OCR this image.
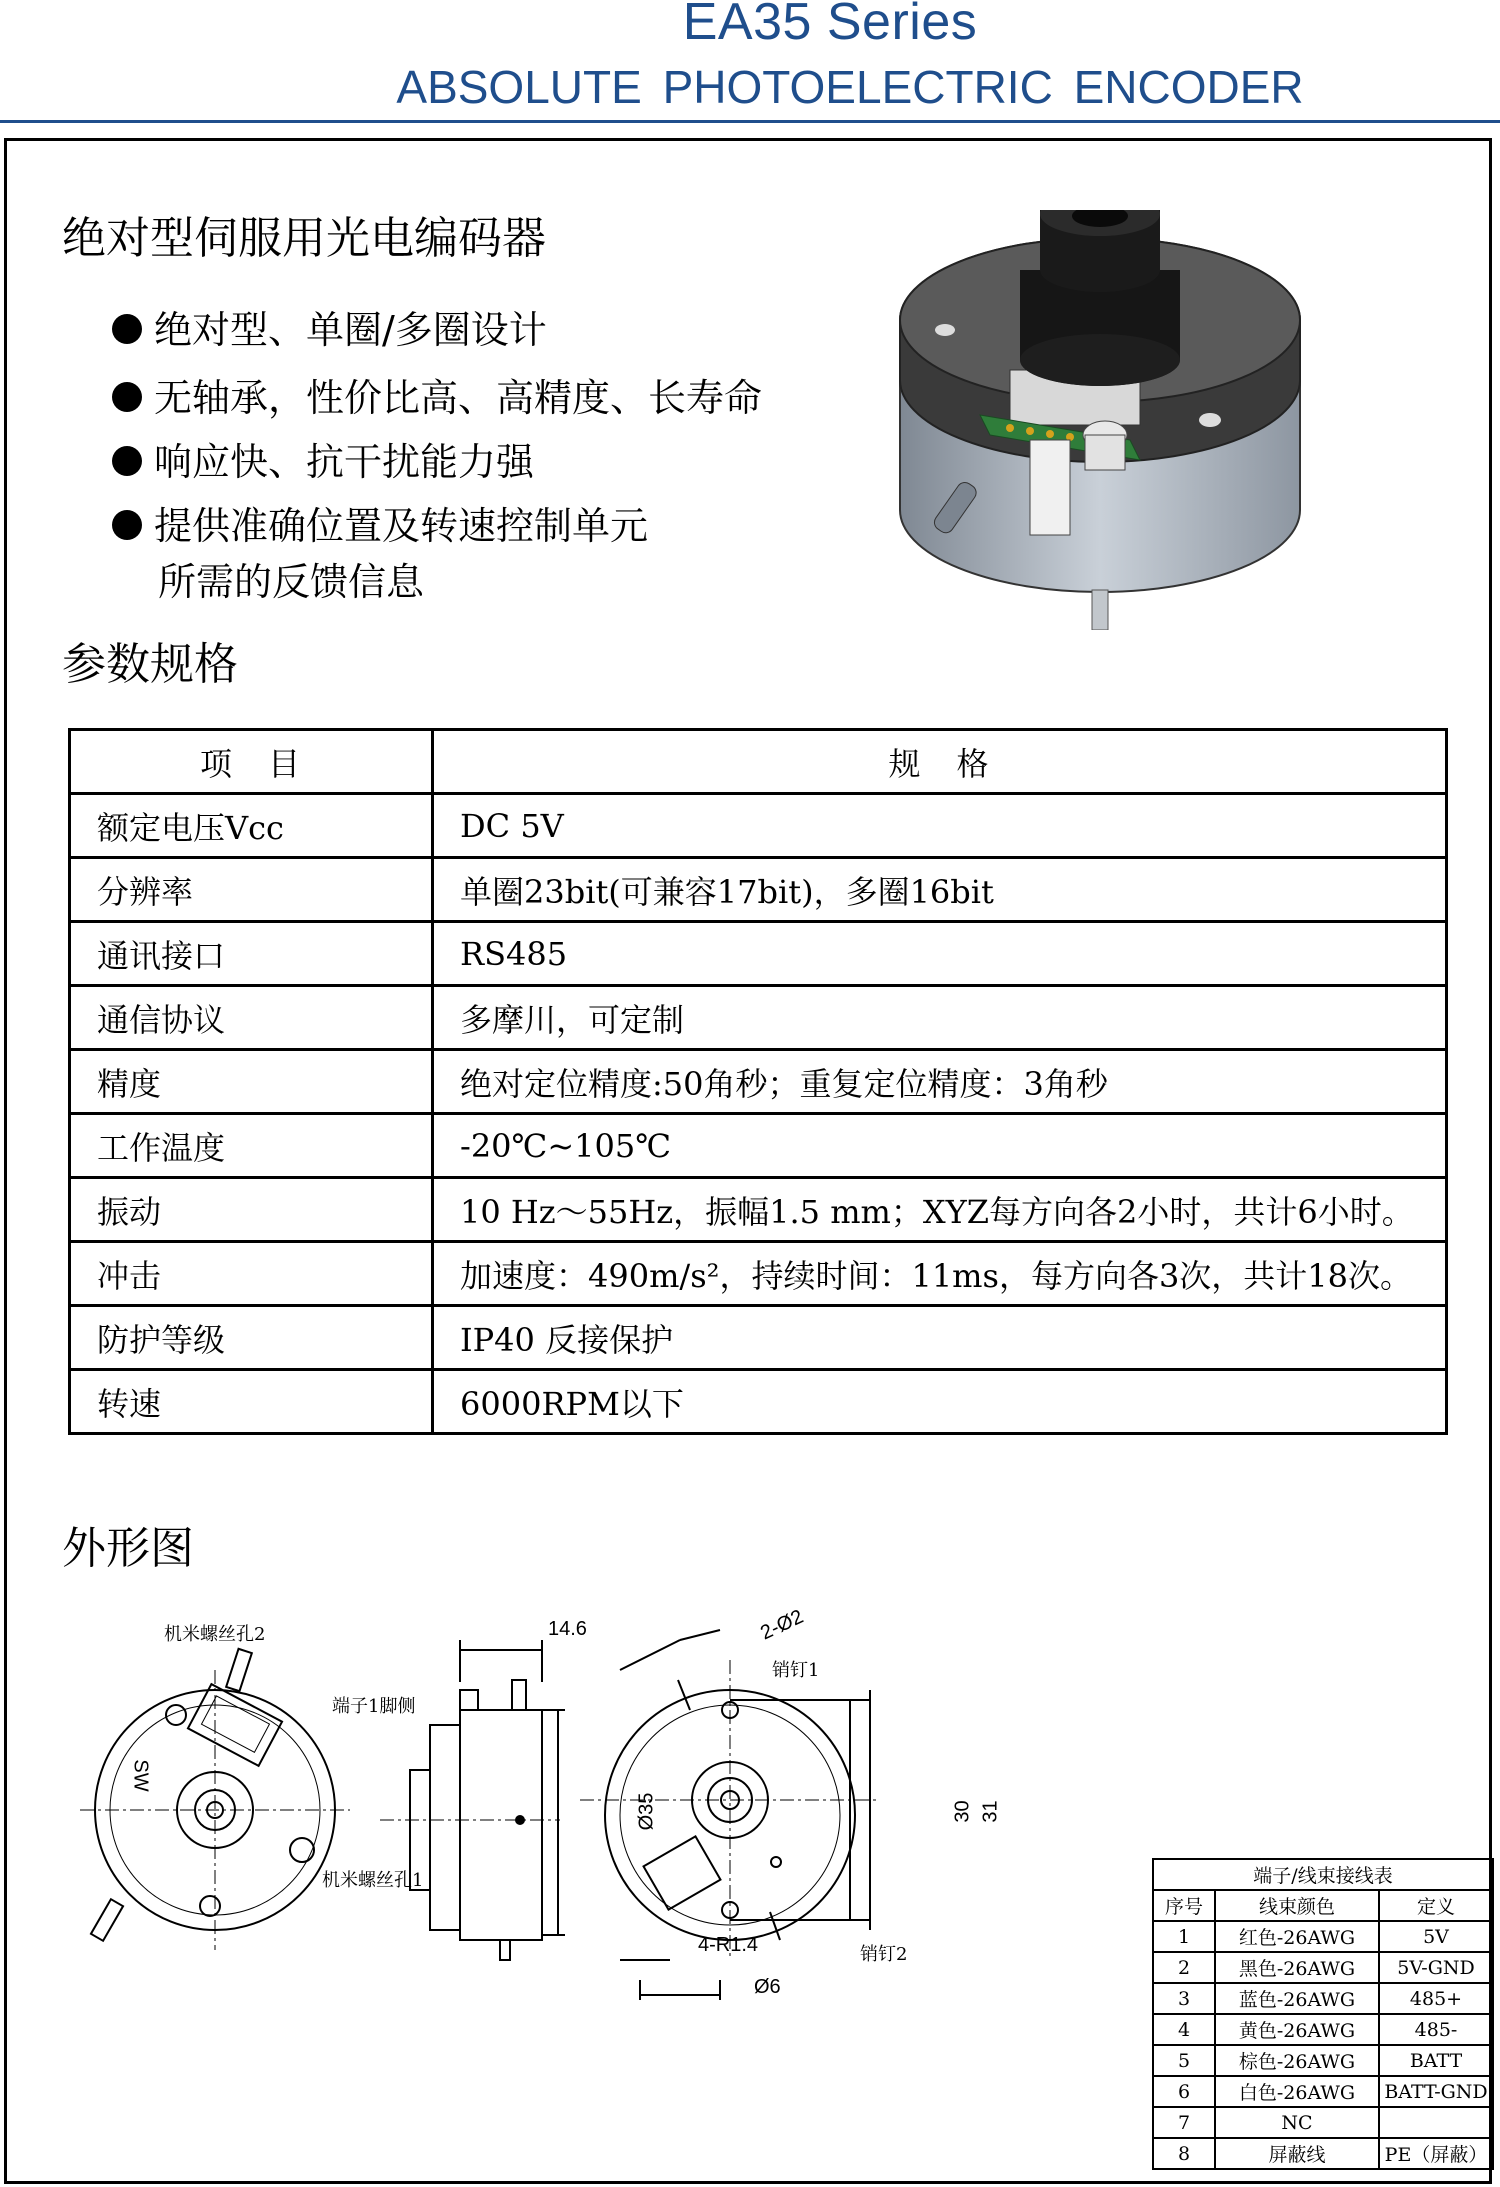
EA35 Series
ABSOLUTE PHOTOELECTRIC ENCODER
绝对型伺服用光电编码器
绝对型、单圈/多圈设计
无轴承，性价比高、高精度、长寿命
响应快、抗干扰能力强
提供准确位置及转速控制单元
所需的反馈信息
参数规格
项　目	规　格
额定电压Vcc	DC 5V
分辨率	单圈23bit(可兼容17bit)，多圈16bit
通讯接口	RS485
通信协议	多摩川，可定制
精度	绝对定位精度:50角秒；重复定位精度：3角秒
工作温度	-20℃~105℃
振动	10 Hz～55Hz，振幅1.5 mm；XYZ每方向各2小时，共计6小时。
冲击	加速度：490m/s²，持续时间：11ms，每方向各3次，共计18次。
防护等级	IP40 反接保护
转速	6000RPM以下
外形图
机米螺丝孔2
端子1脚侧
机米螺丝孔1
SW
14.6
Ø35
2-Ø2
销钉1
销钉2
30 31
4-R1.4
Ø6
端子/线束接线表		
序号	线束颜色	定义
1	红色-26AWG	5V
2	黑色-26AWG	5V-GND
3	蓝色-26AWG	485+
4	黄色-26AWG	485-
5	棕色-26AWG	BATT
6	白色-26AWG	BATT-GND
7	NC	
8	屏蔽线	PE（屏蔽）
